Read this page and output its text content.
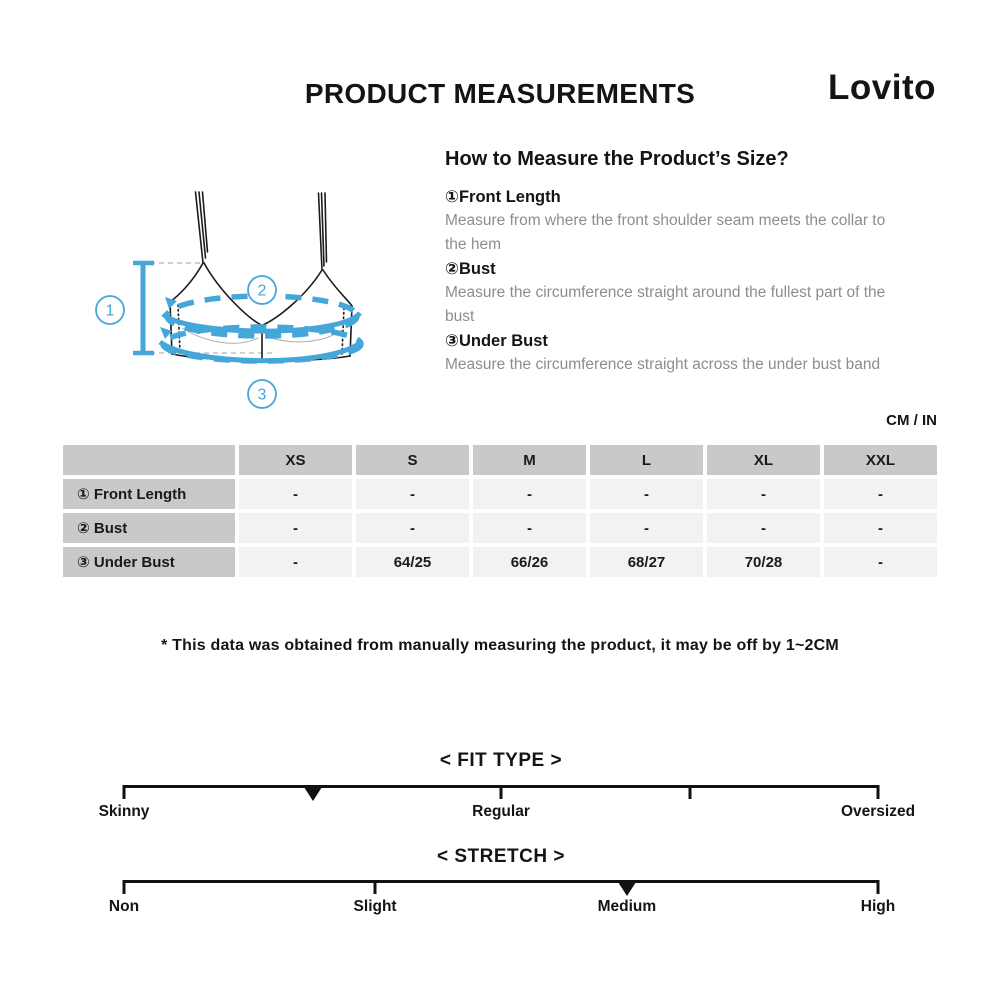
PRODUCT MEASUREMENTS	Lovito
1
2
3
How to Measure the Product’s Size?

①Front Length

Measure from where the front shoulder seam meets the collar to the hem

②Bust

Measure the circumference straight around the fullest part of the bust

③Under Bust

Measure the circumference straight across the under bust band

CM / IN
	XS	S	M	L	XL	XXL
① Front Length	-	-	-	-	-	-
② Bust	-	-	-	-	-	-
③ Under Bust	-	64/25	66/26	68/27	70/28	-
* This data was obtained from manually measuring the product, it may be off by 1~2CM
< FIT TYPE >
Skinny	Regular	Oversized
< STRETCH >
Non	Slight	Medium	High
